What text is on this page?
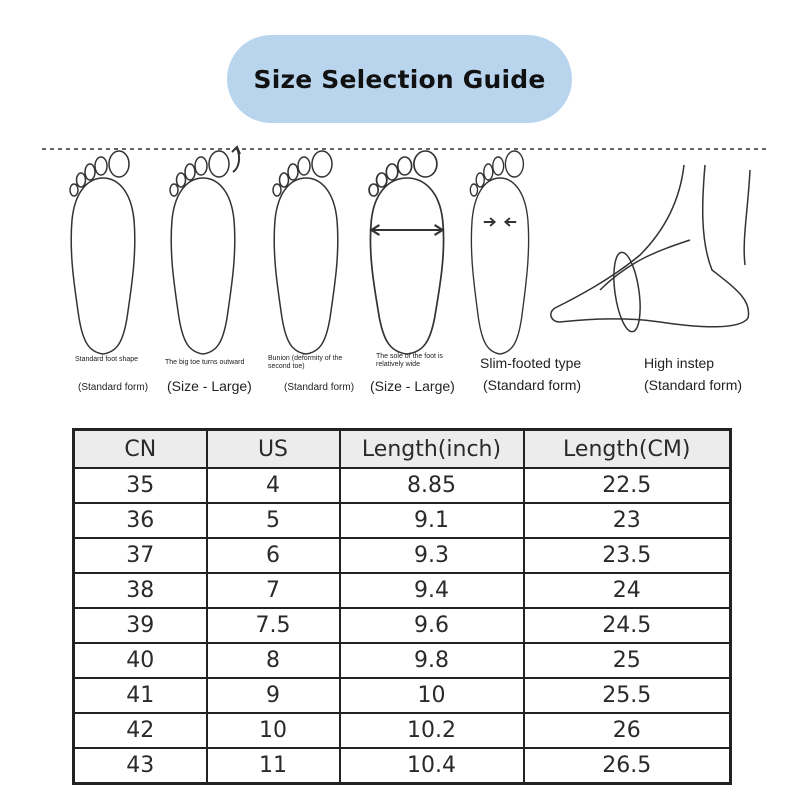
Size Selection Guide
Standard foot shape
(Standard form)
The big toe turns outward
(Size - Large)
Bunion (deformity of the second toe)
(Standard form)
The sole of the foot is relatively wide
(Size - Large)
Slim-footed type
(Standard form)
High instep
(Standard form)
CN	US	Length(inch)	Length(CM)
35	4	8.85	22.5
36	5	9.1	23
37	6	9.3	23.5
38	7	9.4	24
39	7.5	9.6	24.5
40	8	9.8	25
41	9	10	25.5
42	10	10.2	26
43	11	10.4	26.5
